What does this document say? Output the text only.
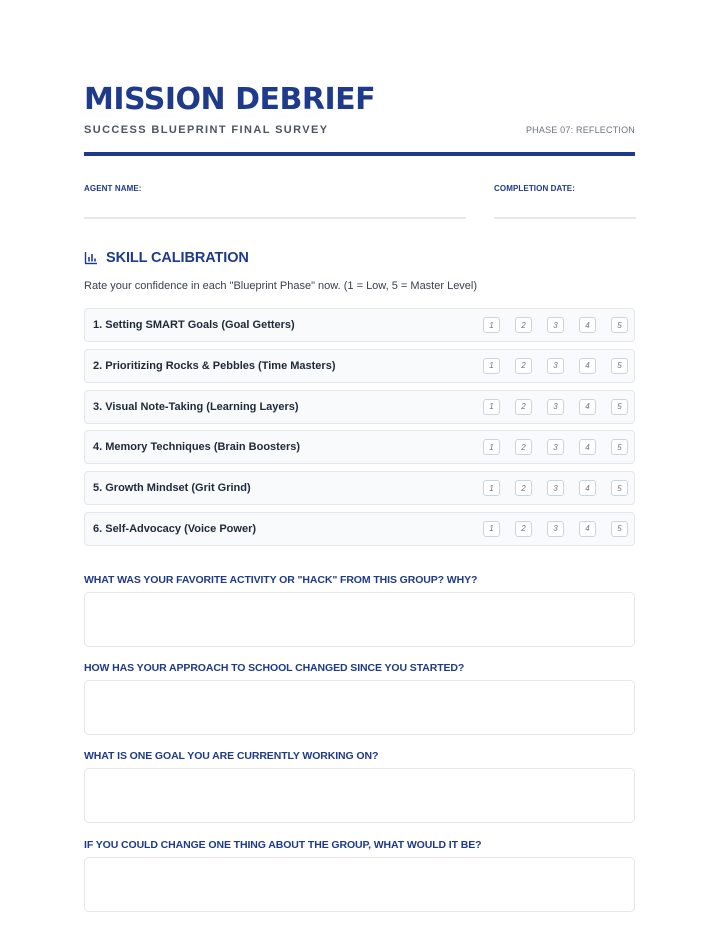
MISSION DEBRIEF
SUCCESS BLUEPRINT FINAL SURVEY	PHASE 07: REFLECTION
AGENT NAME:	COMPLETION DATE:
SKILL CALIBRATION
Rate your confidence in each "Blueprint Phase" now. (1 = Low, 5 = Master Level)
1. Setting SMART Goals (Goal Getters)	1	2	3	4	5
2. Prioritizing Rocks & Pebbles (Time Masters)	1	2	3	4	5
3. Visual Note-Taking (Learning Layers)	1	2	3	4	5
4. Memory Techniques (Brain Boosters)	1	2	3	4	5
5. Growth Mindset (Grit Grind)	1	2	3	4	5
6. Self-Advocacy (Voice Power)	1	2	3	4	5
WHAT WAS YOUR FAVORITE ACTIVITY OR "HACK" FROM THIS GROUP? WHY?
HOW HAS YOUR APPROACH TO SCHOOL CHANGED SINCE YOU STARTED?
WHAT IS ONE GOAL YOU ARE CURRENTLY WORKING ON?
IF YOU COULD CHANGE ONE THING ABOUT THE GROUP, WHAT WOULD IT BE?
